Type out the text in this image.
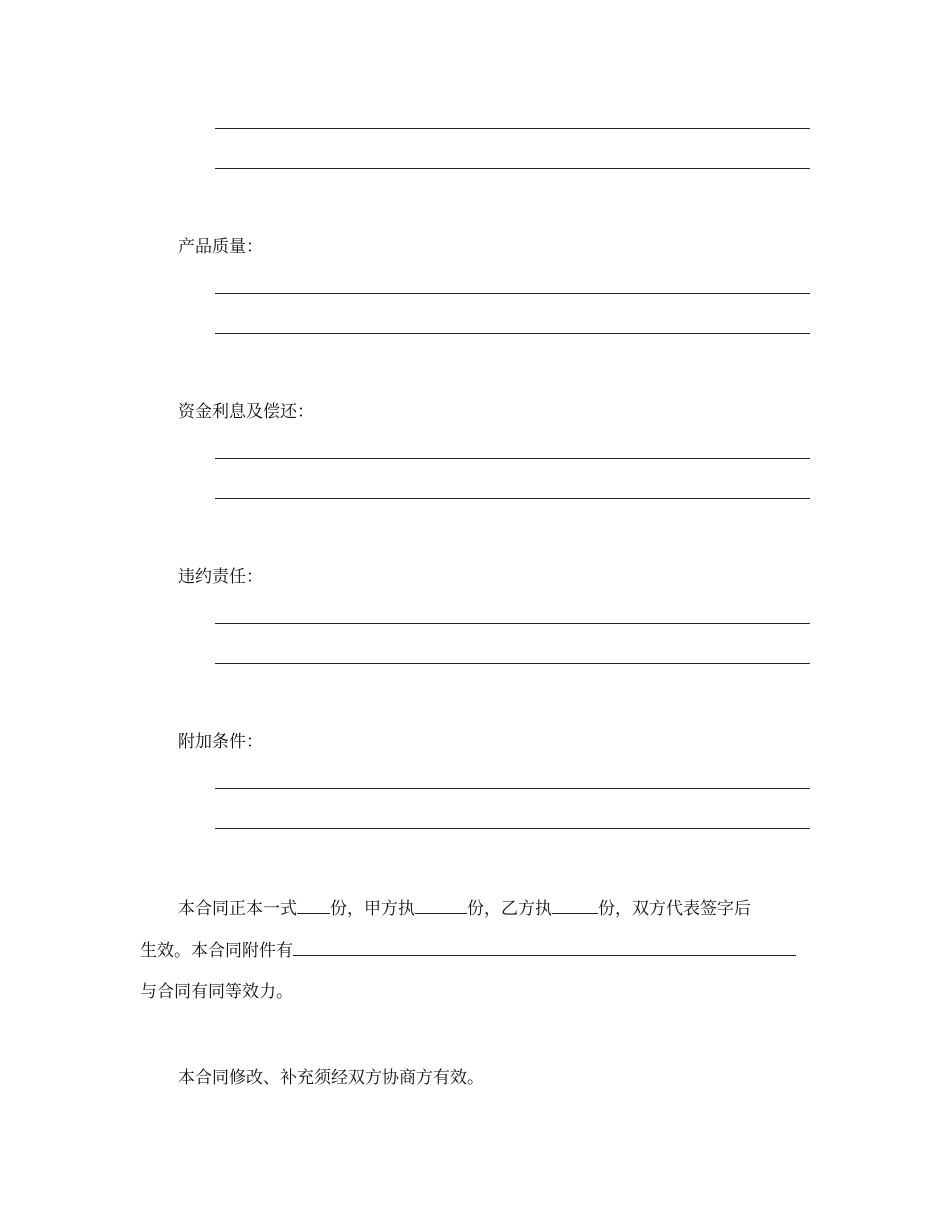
产品质量：
资金利息及偿还：
违约责任：
附加条件：
本合同正本一式 份，甲方执	份，乙方执	份，双方代表签字后
生效。本合同附件有
与合同有同等效力。
本合同修改、补充须经双方协商方有效。
